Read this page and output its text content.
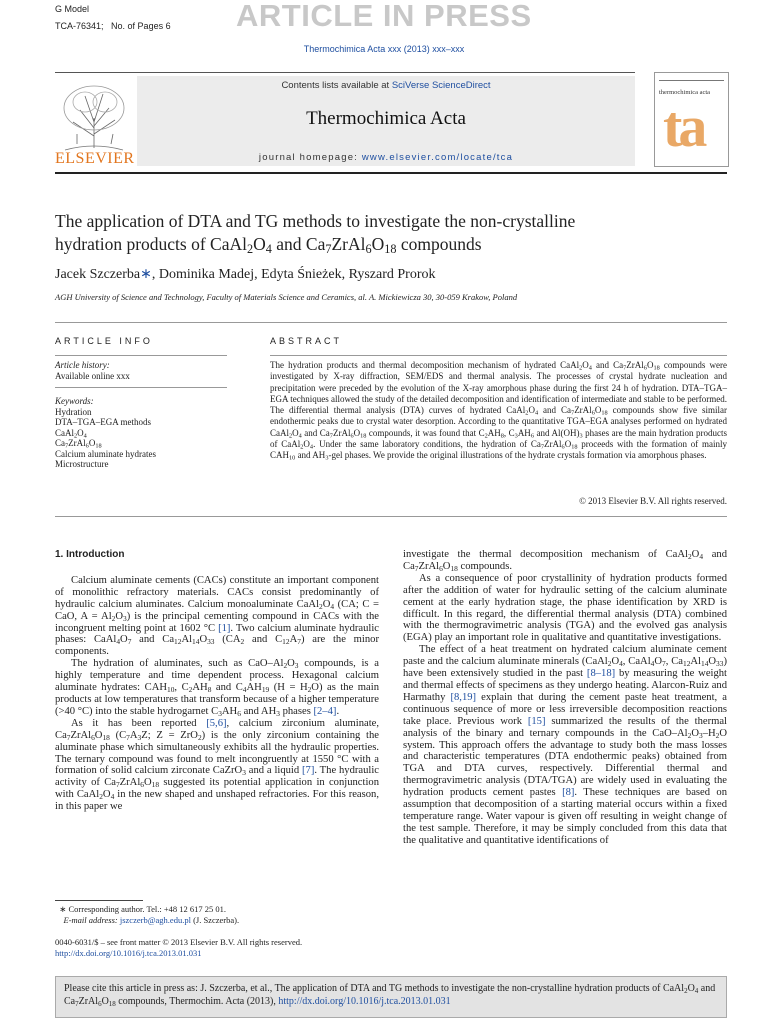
G Model
TCA-76341; No. of Pages 6 ARTICLE IN PRESS
Thermochimica Acta xxx (2013) xxx–xxx
ELSEVIER
Contents lists available at SciVerse ScienceDirect
Thermochimica Acta
journal homepage: www.elsevier.com/locate/tca
thermochimica acta
ta
The application of DTA and TG methods to investigate the non-crystalline
hydration products of $CaAl_2O_4$ and $Ca_7ZrAl_6O_{18}$ compounds
Jacek Szczerba∗, Dominika Madej, Edyta Śnieżek, Ryszard Prorok
AGH University of Science and Technology, Faculty of Materials Science and Ceramics, al. A. Mickiewicza 30, 30-059 Krakow, Poland
ARTICLE INFO
Article history:
Available online xxx
Keywords:
Hydration
DTA–TGA–EGA methods
$CaAl_2O_4$
$Ca_7ZrAl_6O_{18}$
Calcium aluminate hydrates
Microstructure
ABSTRACT
The hydration products and thermal decomposition mechanism of hydrated $CaAl_2O_4$ and $Ca_7ZrAl_6O_{18}$ compounds were investigated by X-ray diffraction, SEM/EDS and thermal analysis. The processes of crystal hydrate nucleation and precipitation were preceded by the evolution of the X-ray amorphous phase during the first 24 h of hydration. DTA–TGA–EGA techniques allowed the study of the detailed decomposition and identification of intermediate and stable to be performed. The differential thermal analysis (DTA) curves of hydrated $CaAl_2O_4$ and $Ca_7ZrAl_6O_{18}$ compounds show five similar endothermic peaks due to crystal water desorption. According to the quantitative TGA–EGA analyses performed on hydrated $CaAl_2O_4$ and $Ca_7ZrAl_6O_{18}$ compounds, it was found that $C_2AH_8$, $C_3AH_6$ and $Al(OH)_3$ phases are the main hydration products of $CaAl_2O_4$. Under the same laboratory conditions, the hydration of $Ca_7ZrAl_6O_{18}$ proceeds with the formation of mainly $CAH_{10}$ and $AH_3$-gel phases. We provide the original illustrations of the hydrate crystals formation via amorphous phases.
© 2013 Elsevier B.V. All rights reserved.

1. Introduction

Calcium aluminate cements (CACs) constitute an important component of monolithic refractory materials. CACs consist predominantly of hydraulic calcium aluminates. Calcium monoaluminate $CaAl_2O_4$ (CA; C = CaO, $A = Al_2O_3$) is the principal cementing compound in CACs with the incongruent melting point at 1602 °C [1]. Two calcium aluminate hydraulic phases: $CaAl_4O_7$ and $Ca_{12}Al_{14}O_{33}$ ($CA_2$ and $C_{12}A_7$) are the minor components.

The hydration of aluminates, such as CaO–$Al_2O_3$ compounds, is a highly temperature and time dependent process. Hexagonal calcium aluminate hydrates: $CAH_{10}$, $C_2AH_8$ and $C_4AH_{19}$ $(H = H_2O)$ as the main products at low temperatures that transform because of a higher temperature (>40 °C) into the stable hydrogarnet $C_3AH_6$ and $AH_3$ phases [2–4].

As it has been reported [5,6], calcium zirconium aluminate, $Ca_7ZrAl_6O_{18}$ ($C_7A_3Z$; Z = ZrO$_2$) is the only zirconium containing the aluminate phase which simultaneously exhibits all the hydraulic properties. The ternary compound was found to melt incongruently at 1550 °C with a formation of solid calcium zirconate CaZrO$_3$ and a liquid [7]. The hydraulic activity of $Ca_7ZrAl_6O_{18}$ suggested its potential application in conjunction with $CaAl_2O_4$ in the new shaped and unshaped refractories. For this reason, in this paper we

investigate the thermal decomposition mechanism of $CaAl_2O_4$ and $Ca_7ZrAl_6O_{18}$ compounds.

As a consequence of poor crystallinity of hydration products formed after the addition of water for hydraulic setting of the calcium aluminate cement at the early hydration stage, the phase identification by XRD is difficult. In this regard, the differential thermal analysis (DTA) combined with the thermogravimetric analysis (TGA) and the evolved gas analysis (EGA) play an important role in qualitative and quantitative investigations.

The effect of a heat treatment on hydrated calcium aluminate cement paste and the calcium aluminate minerals ($CaAl_2O_4$, $CaAl_4O_7$, $Ca_{12}Al_{14}O_{33}$) have been extensively studied in the past [8–18] by measuring the weight and thermal effects of specimens as they undergo heating. Alarcon-Ruiz and Harmathy [8,19] explain that during the cement paste heat treatment, a continuous sequence of more or less irreversible decomposition reactions take place. Previous work [15] summarized the results of the thermal analysis of the binary and ternary compounds in the CaO–$Al_2O_3-H_2O$ system. This approach offers the advantage to study both the mass losses and characteristic temperatures (DTA endothermic peaks) obtained from TGA and DTA curves, respectively. Differential thermal and thermogravimetric analysis (DTA/TGA) are widely used in evaluating the hydration products cement pastes [8]. These techniques are based on assumption that decomposition of a starting material occurs within a fixed temperature range. Water vapour is given off resulting in weight change of the test sample. Therefore, it may be simply concluded from this data that the qualitative and quantitative identifications of

∗ Corresponding author. Tel.: +48 12 617 25 01.
E-mail address: jszczerb@agh.edu.pl (J. Szczerba).
0040-6031/$ – see front matter © 2013 Elsevier B.V. All rights reserved.
http://dx.doi.org/10.1016/j.tca.2013.01.031
Please cite this article in press as: J. Szczerba, et al., The application of DTA and TG methods to investigate the non-crystalline hydration products of $CaAl_2O_4$ and $Ca_7ZrAl_6O_{18}$ compounds, Thermochim. Acta (2013), http://dx.doi.org/10.1016/j.tca.2013.01.031
